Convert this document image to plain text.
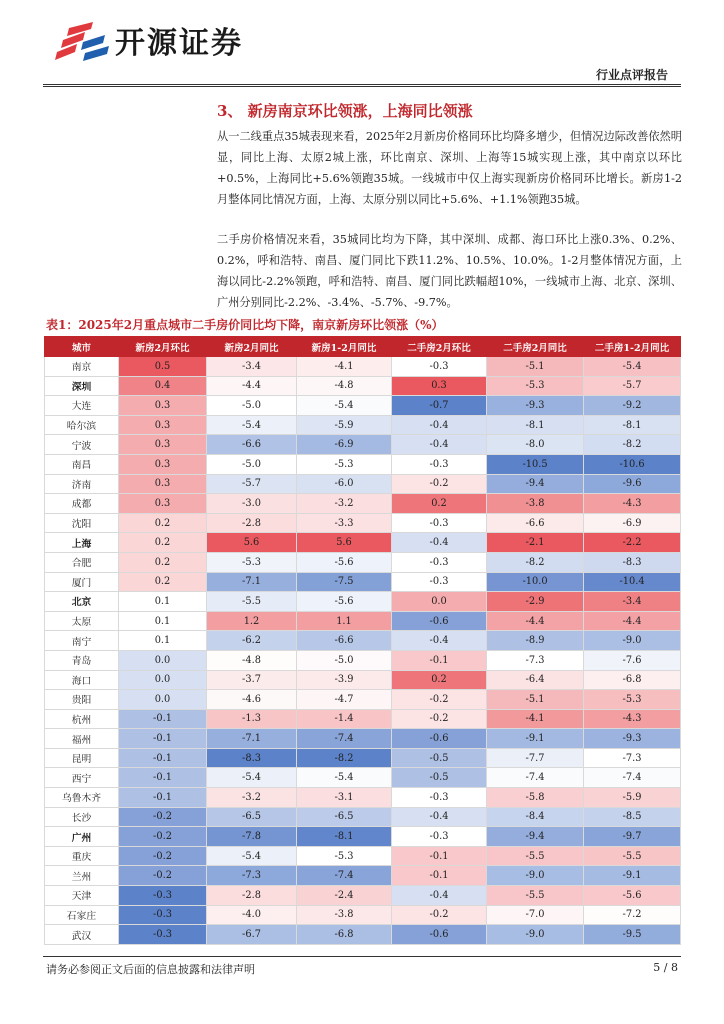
开源证券
行业点评报告
3、 新房南京环比领涨，上海同比领涨
从一二线重点35城表现来看，2025年2月新房价格同环比均降多增少，但情况边际改善依然明显，同比上海、太原2城上涨，环比南京、深圳、上海等15城实现上涨，其中南京以环比+0.5%，上海同比+5.6%领跑35城。一线城市中仅上海实现新房价格同环比增长。新房1-2月整体同比情况方面，上海、太原分别以同比+5.6%、+1.1%领跑35城。
二手房价格情况来看，35城同比均为下降，其中深圳、成都、海口环比上涨0.3%、0.2%、0.2%，呼和浩特、南昌、厦门同比下跌11.2%、10.5%、10.0%。1-2月整体情况方面，上海以同比-2.2%领跑，呼和浩特、南昌、厦门同比跌幅超10%，一线城市上海、北京、深圳、广州分别同比-2.2%、-3.4%、-5.7%、-9.7%。
表1：2025年2月重点城市二手房价同比均下降，南京新房环比领涨（%）
城市	新房2月环比	新房2月同比	新房1-2月同比	二手房2月环比	二手房2月同比	二手房1-2月同比
南京	0.5	-3.4	-4.1	-0.3	-5.1	-5.4
深圳	0.4	-4.4	-4.8	0.3	-5.3	-5.7
大连	0.3	-5.0	-5.4	-0.7	-9.3	-9.2
哈尔滨	0.3	-5.4	-5.9	-0.4	-8.1	-8.1
宁波	0.3	-6.6	-6.9	-0.4	-8.0	-8.2
南昌	0.3	-5.0	-5.3	-0.3	-10.5	-10.6
济南	0.3	-5.7	-6.0	-0.2	-9.4	-9.6
成都	0.3	-3.0	-3.2	0.2	-3.8	-4.3
沈阳	0.2	-2.8	-3.3	-0.3	-6.6	-6.9
上海	0.2	5.6	5.6	-0.4	-2.1	-2.2
合肥	0.2	-5.3	-5.6	-0.3	-8.2	-8.3
厦门	0.2	-7.1	-7.5	-0.3	-10.0	-10.4
北京	0.1	-5.5	-5.6	0.0	-2.9	-3.4
太原	0.1	1.2	1.1	-0.6	-4.4	-4.4
南宁	0.1	-6.2	-6.6	-0.4	-8.9	-9.0
青岛	0.0	-4.8	-5.0	-0.1	-7.3	-7.6
海口	0.0	-3.7	-3.9	0.2	-6.4	-6.8
贵阳	0.0	-4.6	-4.7	-0.2	-5.1	-5.3
杭州	-0.1	-1.3	-1.4	-0.2	-4.1	-4.3
福州	-0.1	-7.1	-7.4	-0.6	-9.1	-9.3
昆明	-0.1	-8.3	-8.2	-0.5	-7.7	-7.3
西宁	-0.1	-5.4	-5.4	-0.5	-7.4	-7.4
乌鲁木齐	-0.1	-3.2	-3.1	-0.3	-5.8	-5.9
长沙	-0.2	-6.5	-6.5	-0.4	-8.4	-8.5
广州	-0.2	-7.8	-8.1	-0.3	-9.4	-9.7
重庆	-0.2	-5.4	-5.3	-0.1	-5.5	-5.5
兰州	-0.2	-7.3	-7.4	-0.1	-9.0	-9.1
天津	-0.3	-2.8	-2.4	-0.4	-5.5	-5.6
石家庄	-0.3	-4.0	-3.8	-0.2	-7.0	-7.2
武汉	-0.3	-6.7	-6.8	-0.6	-9.0	-9.5
请务必参阅正文后面的信息披露和法律声明	5 / 8
